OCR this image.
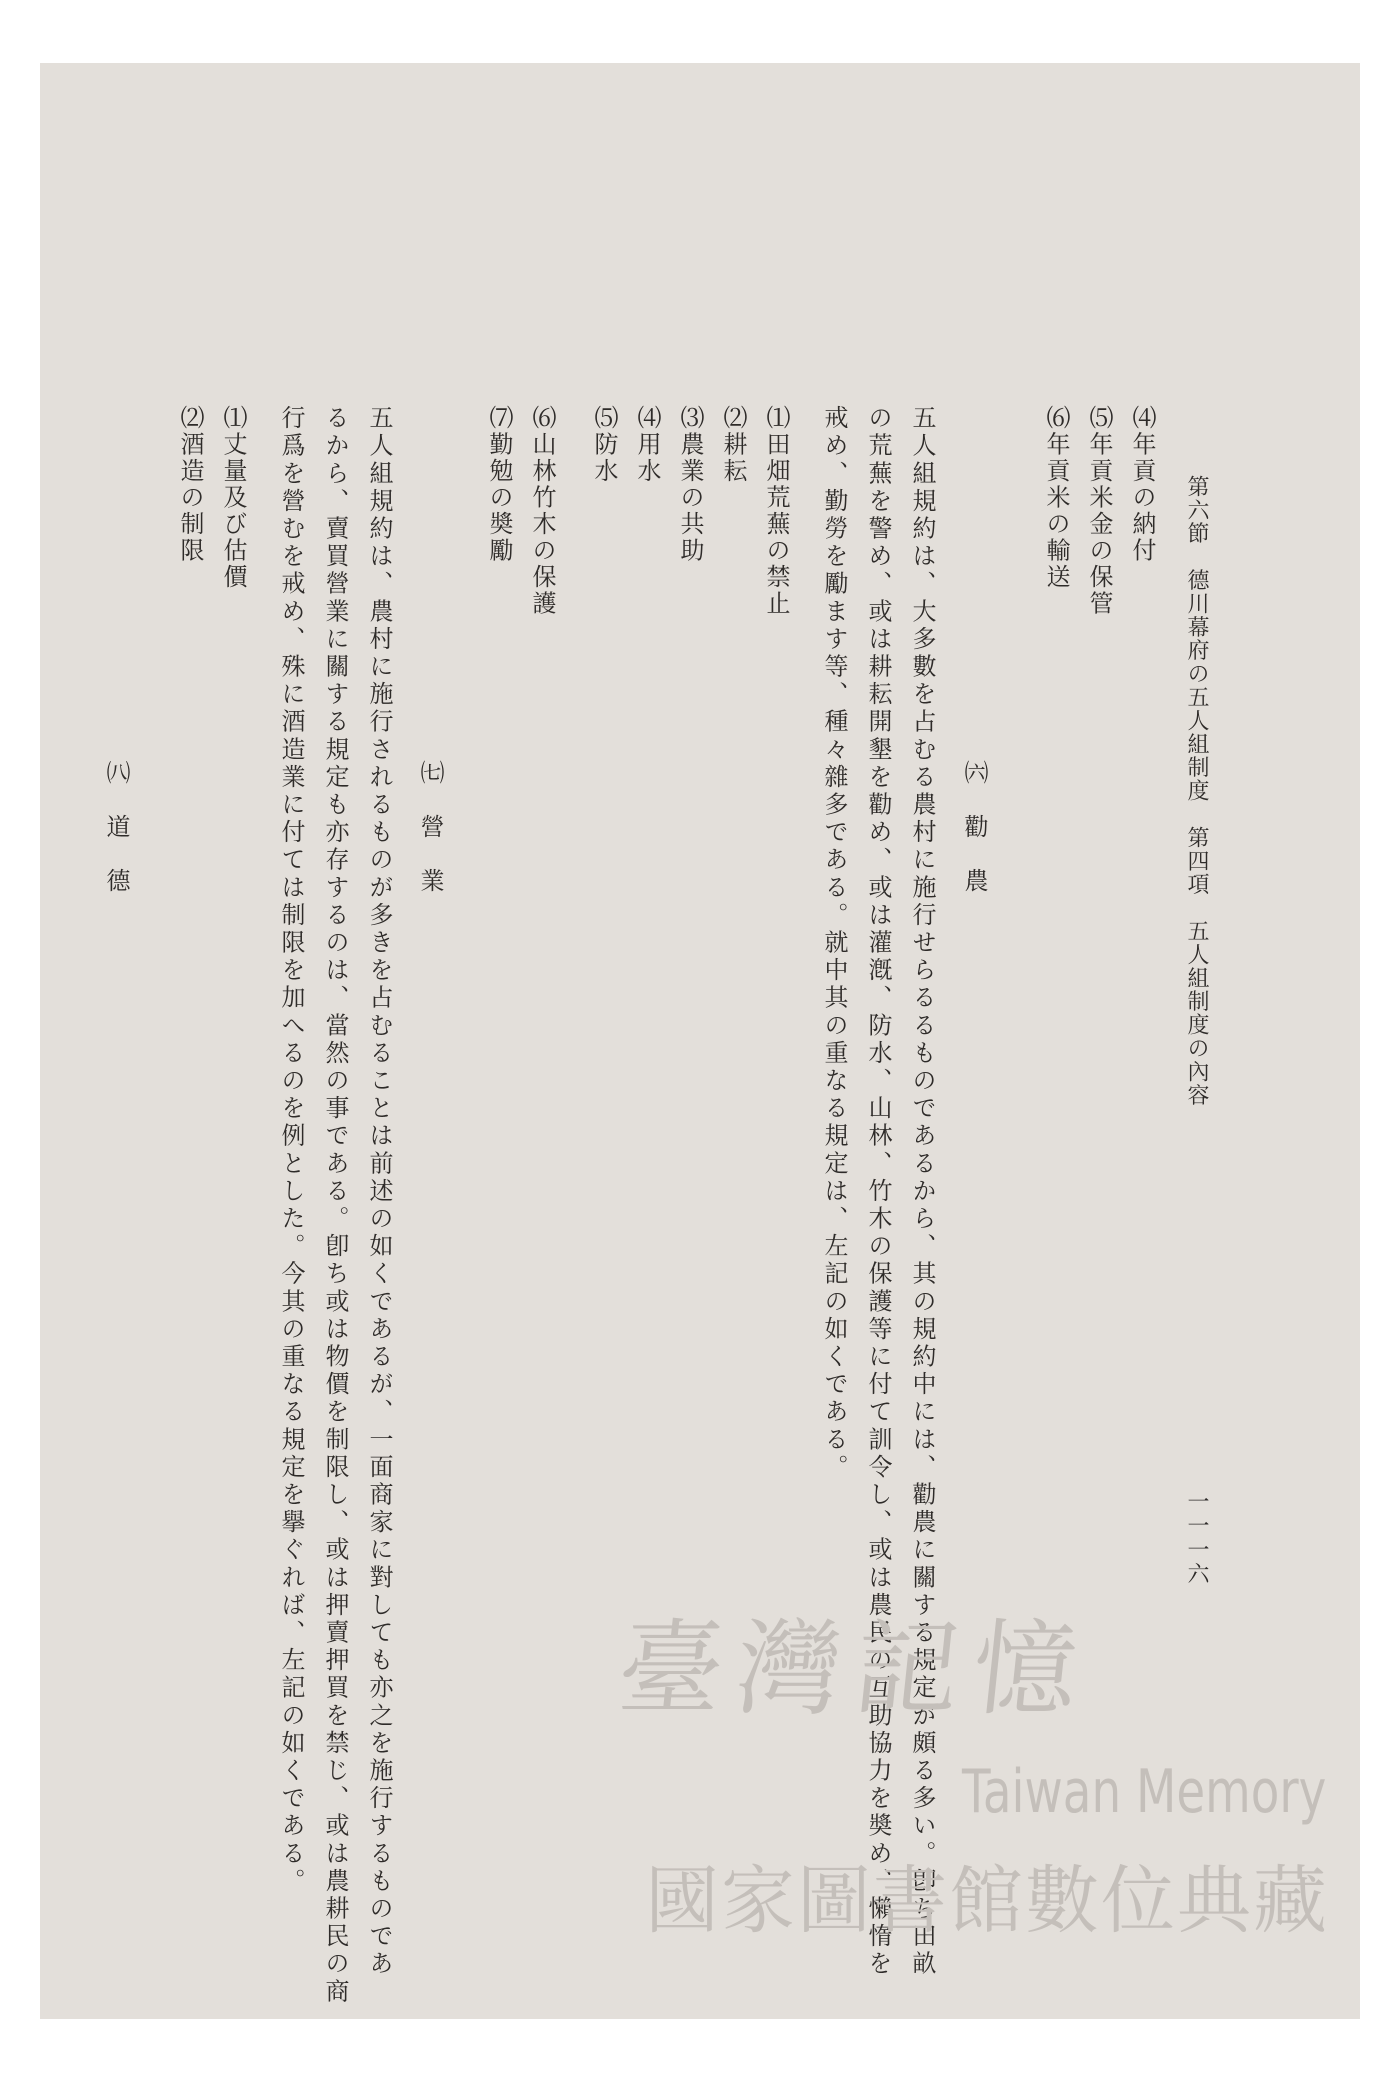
第六節　德川幕府の五人組制度　第四項　五人組制度の內容
一一一六
⑷年貢の納付
⑸年貢米金の保管
⑹年貢米の輸送
㈥勸農
五人組規約は、大多數を占むる農村に施行せらるるものであるから、其の規約中には、勸農に關する規定が頗る多い。卽ち田畝
の荒蕪を警め、或は耕耘開墾を勸め、或は灌漑、防水、山林、竹木の保護等に付て訓令し、或は農民の互助協力を奬め、懶惰を
戒め、勤勞を勵ます等、種々雜多である。就中其の重なる規定は、左記の如くである。
⑴田畑荒蕪の禁止
⑵耕耘
⑶農業の共助
⑷用水
⑸防水
⑹山林竹木の保護
⑺勤勉の奬勵
㈦營業
五人組規約は、農村に施行されるものが多きを占むることは前述の如くであるが、一面商家に對しても亦之を施行するものであ
るから、賣買營業に關する規定も亦存するのは、當然の事である。卽ち或は物價を制限し、或は押賣押買を禁じ、或は農耕民の商
行爲を營むを戒め、殊に酒造業に付ては制限を加へるのを例とした。今其の重なる規定を擧ぐれば、左記の如くである。
⑴丈量及び估價
⑵酒造の制限
㈧道德
臺灣記憶
Taiwan Memory
國家圖書館數位典藏
